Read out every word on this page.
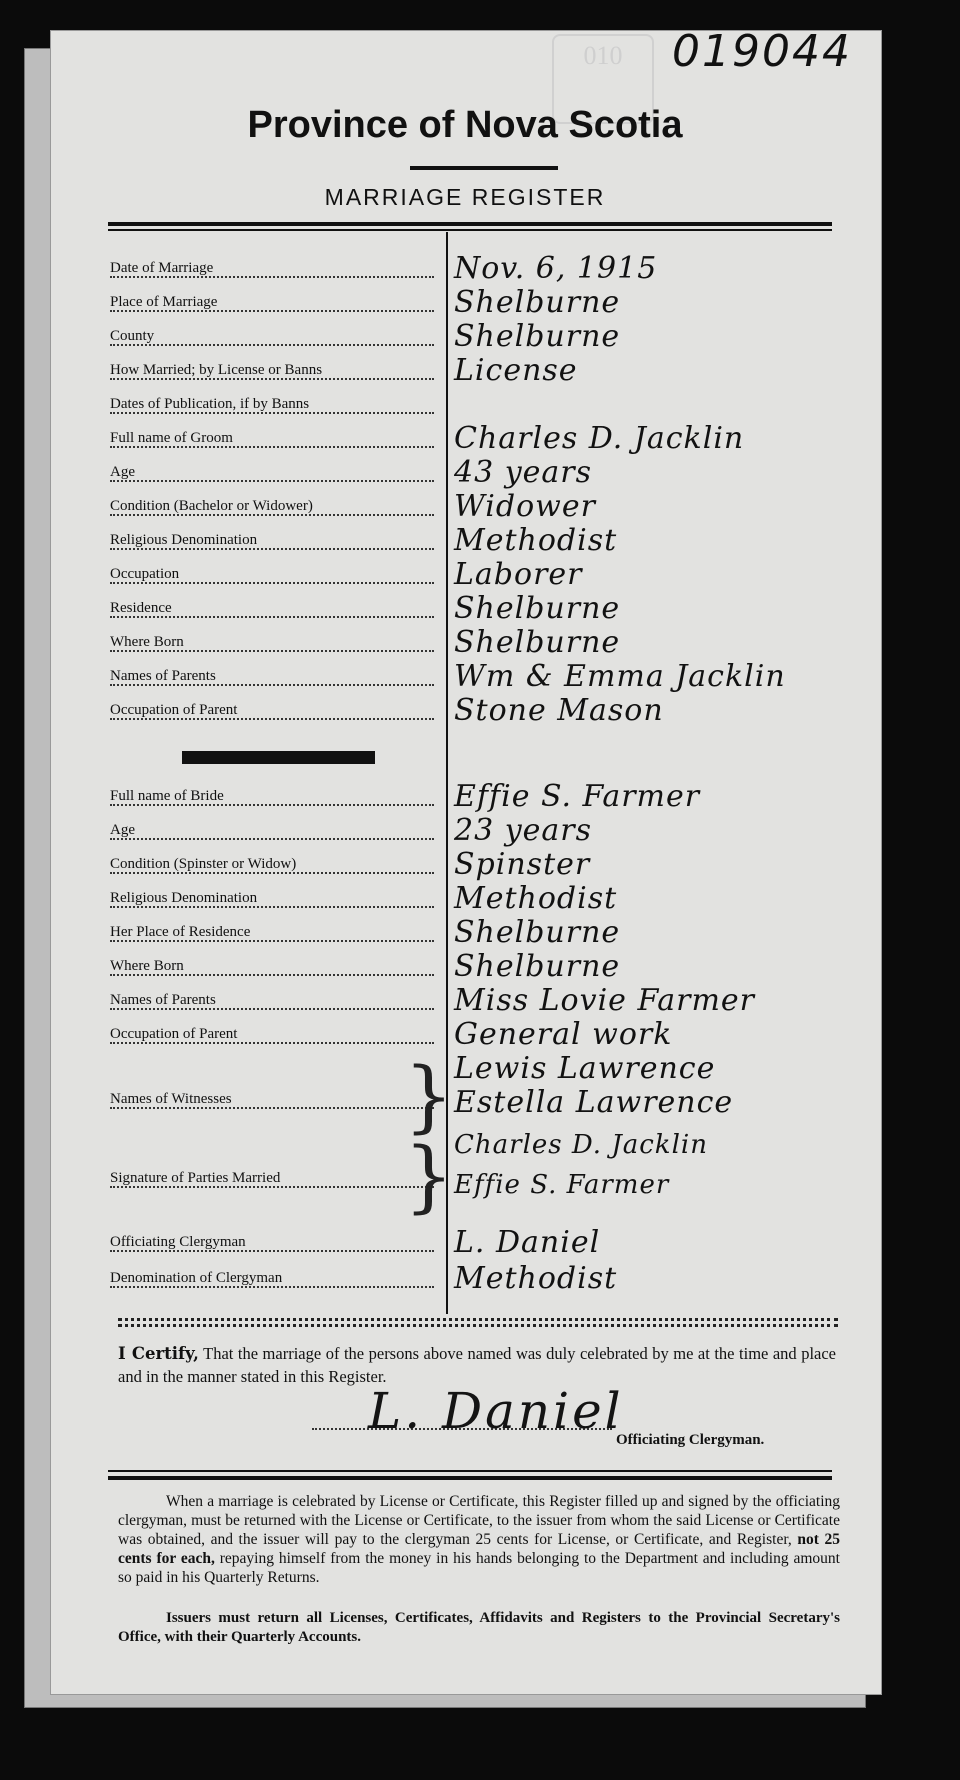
010	019044
Province of Nova Scotia
MARRIAGE REGISTER
Date of Marriage	Nov. 6, 1915
Place of Marriage	Shelburne
County	Shelburne
How Married; by License or Banns	License
Dates of Publication, if by Banns
Full name of Groom	Charles D. Jacklin
Age	43 years
Condition (Bachelor or Widower)	Widower
Religious Denomination	Methodist
Occupation	Laborer
Residence	Shelburne
Where Born	Shelburne
Names of Parents	Wm & Emma Jacklin
Occupation of Parent	Stone Mason
Full name of Bride	Effie S. Farmer
Age	23 years
Condition (Spinster or Widow)	Spinster
Religious Denomination	Methodist
Her Place of Residence	Shelburne
Where Born	Shelburne
Names of Parents	Miss Lovie Farmer
Occupation of Parent	General work
Names of Witnesses	} Lewis Lawrence
Estella Lawrence
Signature of Parties Married	} Charles D. Jacklin
Effie S. Farmer
Officiating Clergyman	L. Daniel
Denomination of Clergyman	Methodist
I Certify, That the marriage of the persons above named was duly celebrated by me at the time and place and in the manner stated in this Register.
L. Daniel
Officiating Clergyman.
When a marriage is celebrated by License or Certificate, this Register filled up and signed by the officiating clergyman, must be returned with the License or Certificate, to the issuer from whom the said License or Certificate was obtained, and the issuer will pay to the clergyman 25 cents for License, or Certificate, and Register, not 25 cents for each, repaying himself from the money in his hands belonging to the Department and including amount so paid in his Quarterly Returns.
Issuers must return all Licenses, Certificates, Affidavits and Registers to the Provincial Secretary's Office, with their Quarterly Accounts.
